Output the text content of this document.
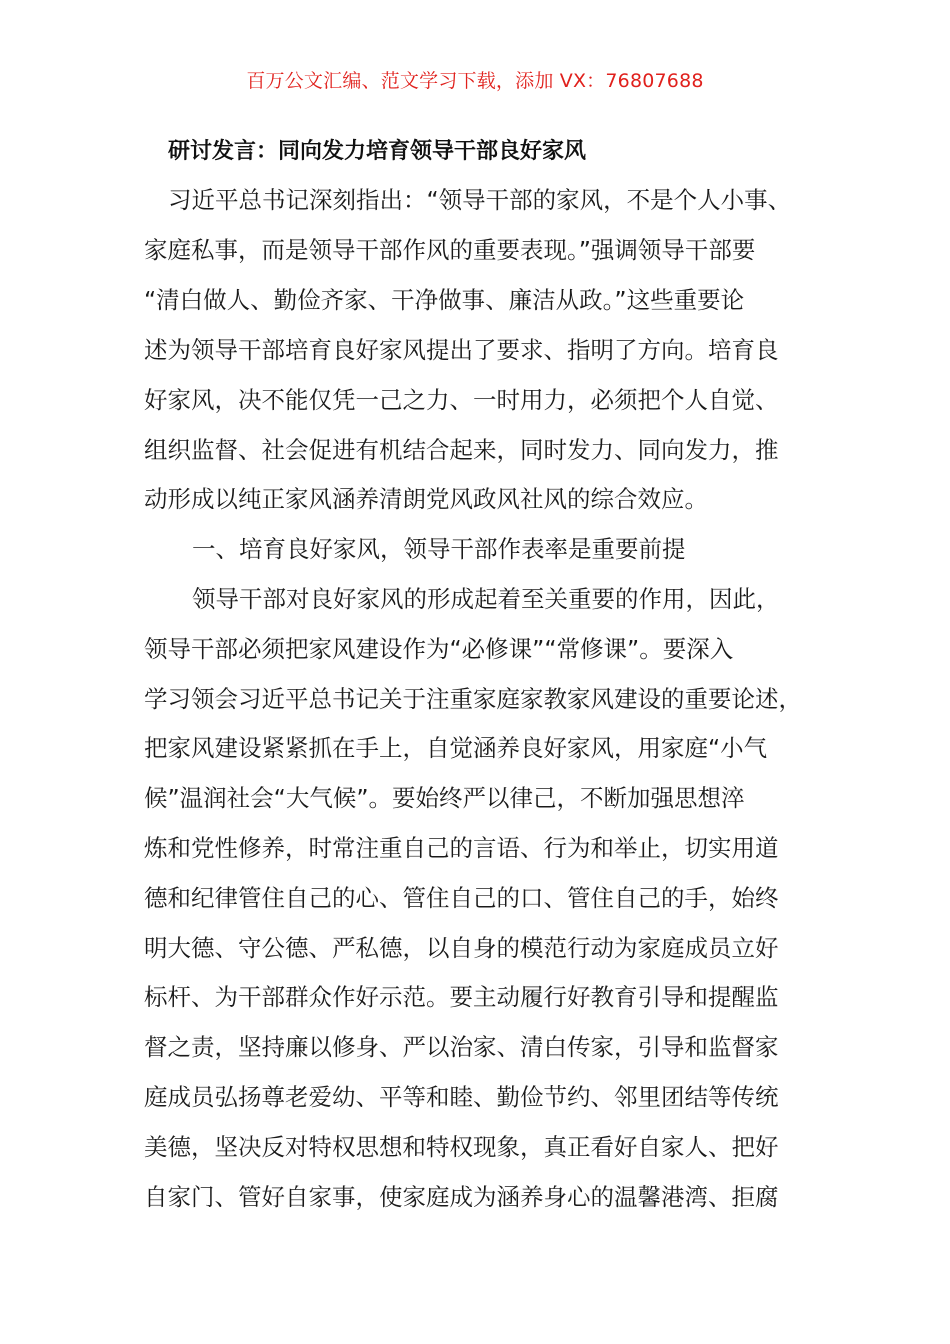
百万公文汇编、范文学习下载，添加 VX：76807688
研讨发言：同向发力培育领导干部良好家风
习近平总书记深刻指出：“领导干部的家风，不是个人小事、
家庭私事，而是领导干部作风的重要表现。”强调领导干部要
“清白做人、勤俭齐家、干净做事、廉洁从政。”这些重要论
述为领导干部培育良好家风提出了要求、指明了方向。培育良
好家风，决不能仅凭一己之力、一时用力，必须把个人自觉、
组织监督、社会促进有机结合起来，同时发力、同向发力，推
动形成以纯正家风涵养清朗党风政风社风的综合效应。
一、培育良好家风，领导干部作表率是重要前提
领导干部对良好家风的形成起着至关重要的作用，因此，
领导干部必须把家风建设作为“必修课”“常修课”。要深入
学习领会习近平总书记关于注重家庭家教家风建设的重要论述，
把家风建设紧紧抓在手上，自觉涵养良好家风，用家庭“小气
候”温润社会“大气候”。要始终严以律己，不断加强思想淬
炼和党性修养，时常注重自己的言语、行为和举止，切实用道
德和纪律管住自己的心、管住自己的口、管住自己的手，始终
明大德、守公德、严私德，以自身的模范行动为家庭成员立好
标杆、为干部群众作好示范。要主动履行好教育引导和提醒监
督之责，坚持廉以修身、严以治家、清白传家，引导和监督家
庭成员弘扬尊老爱幼、平等和睦、勤俭节约、邻里团结等传统
美德，坚决反对特权思想和特权现象，真正看好自家人、把好
自家门、管好自家事，使家庭成为涵养身心的温馨港湾、拒腐
